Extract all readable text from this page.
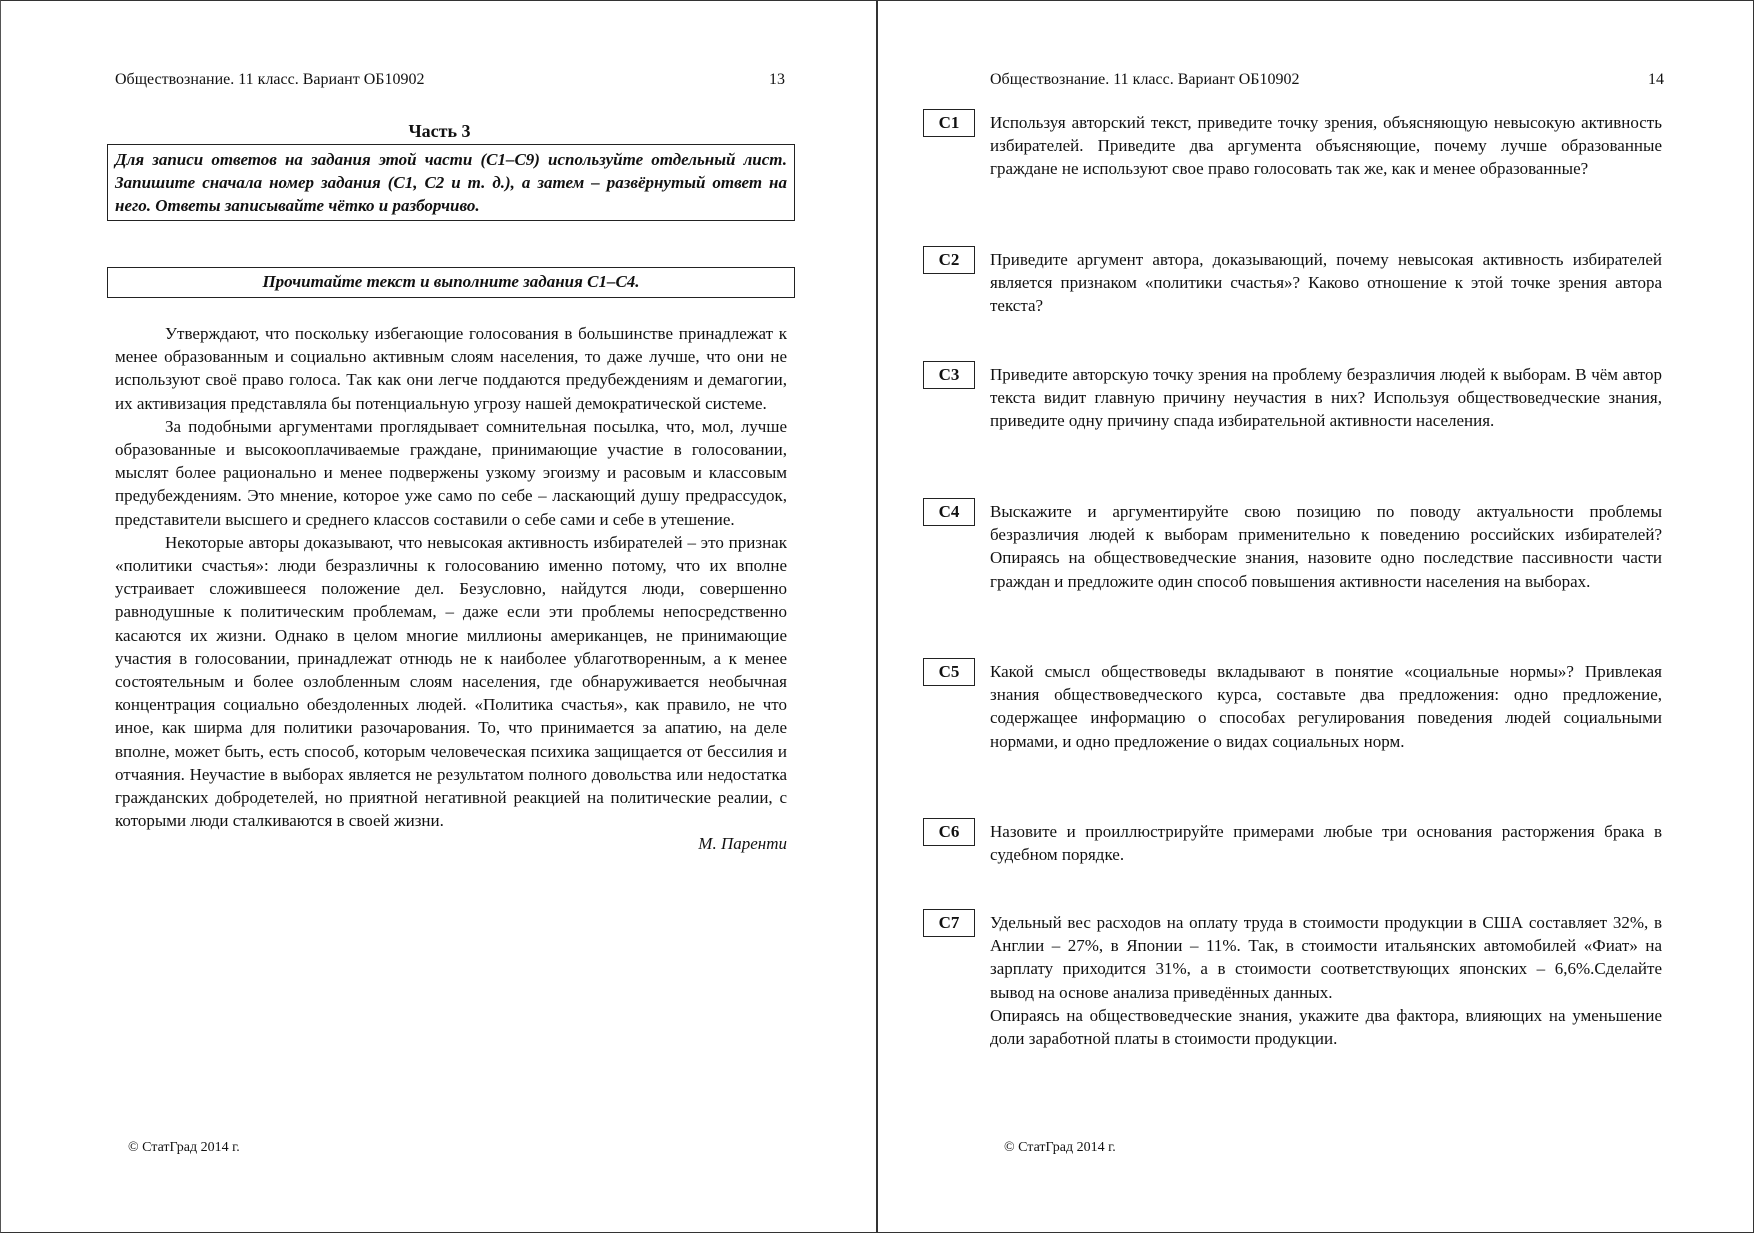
Обществознание. 11 класс. Вариант ОБ10902	13
Часть 3
Для записи ответов на задания этой части (С1–С9) используйте отдельный лист. Запишите сначала номер задания (С1, С2 и т. д.), а затем – развёрнутый ответ на него. Ответы записывайте чётко и разборчиво.
Прочитайте текст и выполните задания С1–С4.

Утверждают, что поскольку избегающие голосования в большинстве принадлежат к менее образованным и социально активным слоям населения, то даже лучше, что они не используют своё право голоса. Так как они легче поддаются предубеждениям и демагогии, их активизация представляла бы потенциальную угрозу нашей демократической системе.

За подобными аргументами проглядывает сомнительная посылка, что, мол, лучше образованные и высокооплачиваемые граждане, принимающие участие в голосовании, мыслят более рационально и менее подвержены узкому эгоизму и расовым и классовым предубеждениям. Это мнение, которое уже само по себе – ласкающий душу предрассудок, представители высшего и среднего классов составили о себе сами и себе в утешение.

Некоторые авторы доказывают, что невысокая активность избирателей – это признак «политики счастья»: люди безразличны к голосованию именно потому, что их вполне устраивает сложившееся положение дел. Безусловно, найдутся люди, совершенно равнодушные к политическим проблемам, – даже если эти проблемы непосредственно касаются их жизни. Однако в целом многие миллионы американцев, не принимающие участия в голосовании, принадлежат отнюдь не к наиболее ублаготворенным, а к менее состоятельным и более озлобленным слоям населения, где обнаруживается необычная концентрация социально обездоленных людей. «Политика счастья», как правило, не что иное, как ширма для политики разочарования. То, что принимается за апатию, на деле вполне, может быть, есть способ, которым человеческая психика защищается от бессилия и отчаяния. Неучастие в выборах является не результатом полного довольства или недостатка гражданских добродетелей, но приятной негативной реакцией на политические реалии, с которыми люди сталкиваются в своей жизни.

М. Паренти
© СтатГрад 2014 г.
Обществознание. 11 класс. Вариант ОБ10902	14
С1	Используя авторский текст, приведите точку зрения, объясняющую невысокую активность избирателей. Приведите два аргумента объясняющие, почему лучше образованные граждане не используют свое право голосовать так же, как и менее образованные?

С2	Приведите аргумент автора, доказывающий, почему невысокая активность избирателей является признаком «политики счастья»? Каково отношение к этой точке зрения автора текста?

С3	Приведите авторскую точку зрения на проблему безразличия людей к выборам. В чём автор текста видит главную причину неучастия в них? Используя обществоведческие знания, приведите одну причину спада избирательной активности населения.

С4	Выскажите и аргументируйте свою позицию по поводу актуальности проблемы безразличия людей к выборам применительно к поведению российских избирателей? Опираясь на обществоведческие знания, назовите одно последствие пассивности части граждан и предложите один способ повышения активности населения на выборах.

С5	Какой смысл обществоведы вкладывают в понятие «социальные нормы»? Привлекая знания обществоведческого курса, составьте два предложения: одно предложение, содержащее информацию о способах регулирования поведения людей социальными нормами, и одно предложение о видах социальных норм.

С6	Назовите и проиллюстрируйте примерами любые три основания расторжения брака в судебном порядке.

С7	Удельный вес расходов на оплату труда в стоимости продукции в США составляет 32%, в Англии – 27%, в Японии – 11%. Так, в стоимости итальянских автомобилей «Фиат» на зарплату приходится 31%, а в стоимости соответствующих японских – 6,6%.Сделайте вывод на основе анализа приведённых данных.

Опираясь на обществоведческие знания, укажите два фактора, влияющих на уменьшение доли заработной платы в стоимости продукции.

© СтатГрад 2014 г.
